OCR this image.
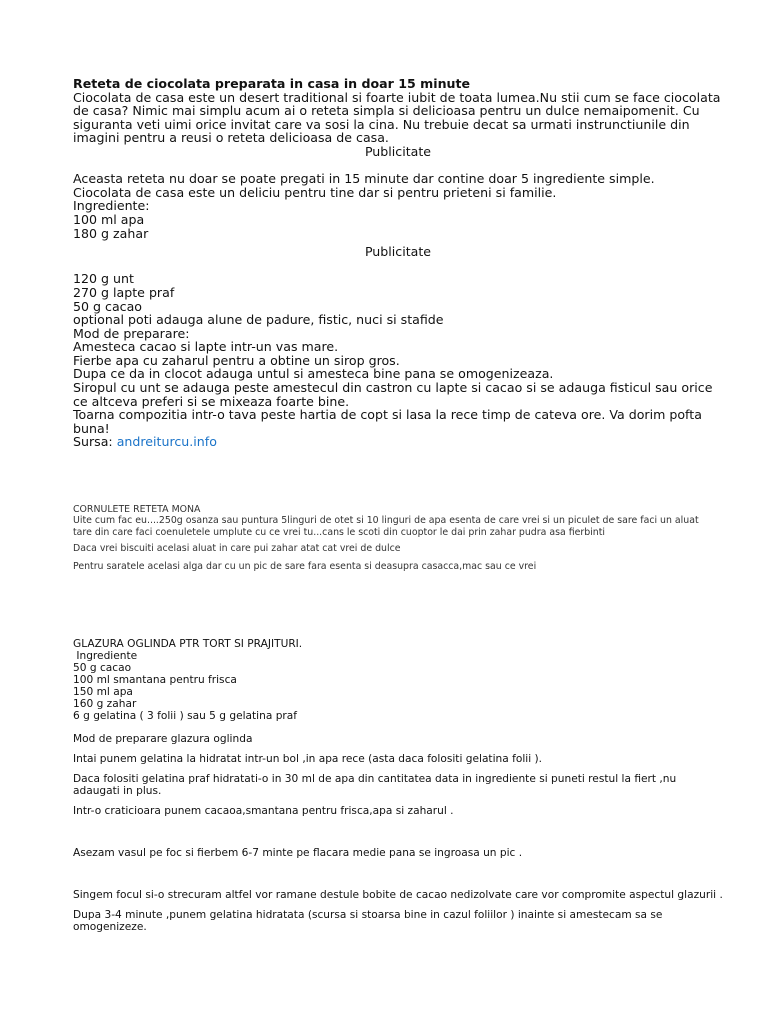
Reteta de ciocolata preparata in casa in doar 15 minute

Ciocolata de casa este un desert traditional si foarte iubit de toata lumea.Nu stii cum se face ciocolata de casa? Nimic mai simplu acum ai o reteta simpla si delicioasa pentru un dulce nemaipomenit. Cu siguranta veti uimi orice invitat care va sosi la cina. Nu trebuie decat sa urmati instrunctiunile din imagini pentru a reusi o reteta delicioasa de casa.

Publicitate

Aceasta reteta nu doar se poate pregati in 15 minute dar contine doar 5 ingrediente simple.

Ciocolata de casa este un deliciu pentru tine dar si pentru prieteni si familie.

Ingrediente:

100 ml apa

180 g zahar

Publicitate

120 g unt

270 g lapte praf

50 g cacao

optional poti adauga alune de padure, fistic, nuci si stafide

Mod de preparare:

Amesteca cacao si lapte intr-un vas mare.

Fierbe apa cu zaharul pentru a obtine un sirop gros.

Dupa ce da in clocot adauga untul si amesteca bine pana se omogenizeaza.

Siropul cu unt se adauga peste amestecul din castron cu lapte si cacao si se adauga fisticul sau orice ce altceva preferi si se mixeaza foarte bine.

Toarna compozitia intr-o tava peste hartia de copt si lasa la rece timp de cateva ore. Va dorim pofta buna!

Sursa: andreiturcu.info

CORNULETE RETETA MONA

Uite cum fac eu....250g osanza sau puntura 5linguri de otet si 10 linguri de apa esenta de care vrei si un piculet de sare faci un aluat tare din care faci coenuletele umplute cu ce vrei tu...cans le scoti din cuoptor le dai prin zahar pudra asa fierbinti

Daca vrei biscuiti acelasi aluat in care pui zahar atat cat vrei de dulce

Pentru saratele acelasi alga dar cu un pic de sare fara esenta si deasupra casacca,mac sau ce vrei

GLAZURA OGLINDA PTR TORT SI PRAJITURI.

Ingrediente

50 g cacao

100 ml smantana pentru frisca

150 ml apa

160 g zahar

6 g gelatina ( 3 folii ) sau 5 g gelatina praf

Mod de preparare glazura oglinda

Intai punem gelatina la hidratat intr-un bol ,in apa rece (asta daca folositi gelatina folii ).

Daca folositi gelatina praf hidratati-o in 30 ml de apa din cantitatea data in ingrediente si puneti restul la fiert ,nu adaugati in plus.

Intr-o craticioara punem cacaoa,smantana pentru frisca,apa si zaharul .

Asezam vasul pe foc si fierbem 6-7 minte pe flacara medie pana se ingroasa un pic .

Singem focul si-o strecuram altfel vor ramane destule bobite de cacao nedizolvate care vor compromite aspectul glazurii .

Dupa 3-4 minute ,punem gelatina hidratata (scursa si stoarsa bine in cazul foliilor ) inainte si amestecam sa se omogenizeze.
